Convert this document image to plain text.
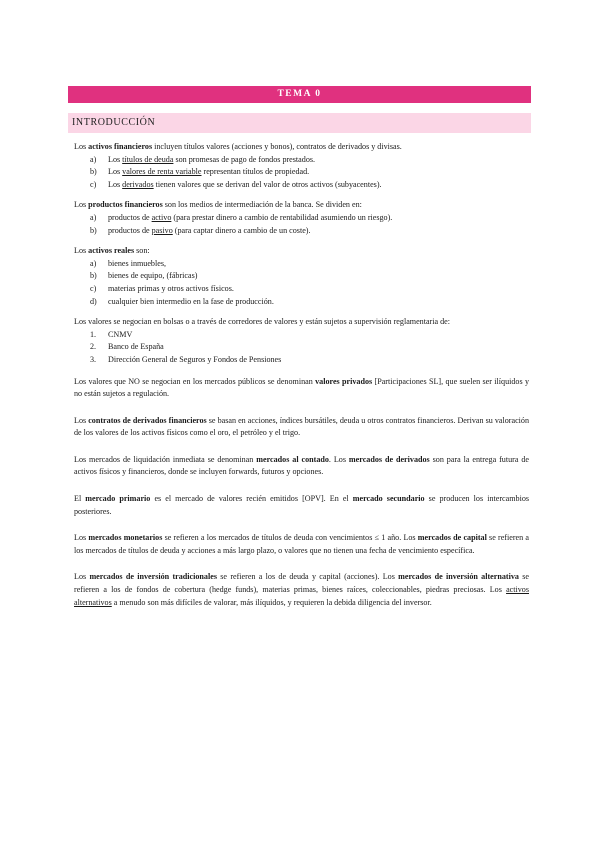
TEMA 0
INTRODUCCIÓN

Los activos financieros incluyen títulos valores (acciones y bonos), contratos de derivados y divisas.

a) Los títulos de deuda son promesas de pago de fondos prestados.
b) Los valores de renta variable representan títulos de propiedad.
c) Los derivados tienen valores que se derivan del valor de otros activos (subyacentes).

Los productos financieros son los medios de intermediación de la banca. Se dividen en:

a) productos de activo (para prestar dinero a cambio de rentabilidad asumiendo un riesgo).
b) productos de pasivo (para captar dinero a cambio de un coste).

Los activos reales son:

a) bienes inmuebles,
b) bienes de equipo, (fábricas)
c) materias primas y otros activos físicos.
d) cualquier bien intermedio en la fase de producción.

Los valores se negocian en bolsas o a través de corredores de valores y están sujetos a supervisión reglamentaria de:

1. CNMV
2. Banco de España
3. Dirección General de Seguros y Fondos de Pensiones

Los valores que NO se negocian en los mercados públicos se denominan valores privados [Participaciones SL], que suelen ser ilíquidos y no están sujetos a regulación.

Los contratos de derivados financieros se basan en acciones, índices bursátiles, deuda u otros contratos financieros. Derivan su valoración de los valores de los activos físicos como el oro, el petróleo y el trigo.

Los mercados de liquidación inmediata se denominan mercados al contado. Los mercados de derivados son para la entrega futura de activos físicos y financieros, donde se incluyen forwards, futuros y opciones.

El mercado primario es el mercado de valores recién emitidos [OPV]. En el mercado secundario se producen los intercambios posteriores.

Los mercados monetarios se refieren a los mercados de títulos de deuda con vencimientos ≤ 1 año. Los mercados de capital se refieren a los mercados de títulos de deuda y acciones a más largo plazo, o valores que no tienen una fecha de vencimiento específica.

Los mercados de inversión tradicionales se refieren a los de deuda y capital (acciones). Los mercados de inversión alternativa se refieren a los de fondos de cobertura (hedge funds), materias primas, bienes raíces, coleccionables, piedras preciosas. Los activos alternativos a menudo son más difíciles de valorar, más ilíquidos, y requieren la debida diligencia del inversor.
